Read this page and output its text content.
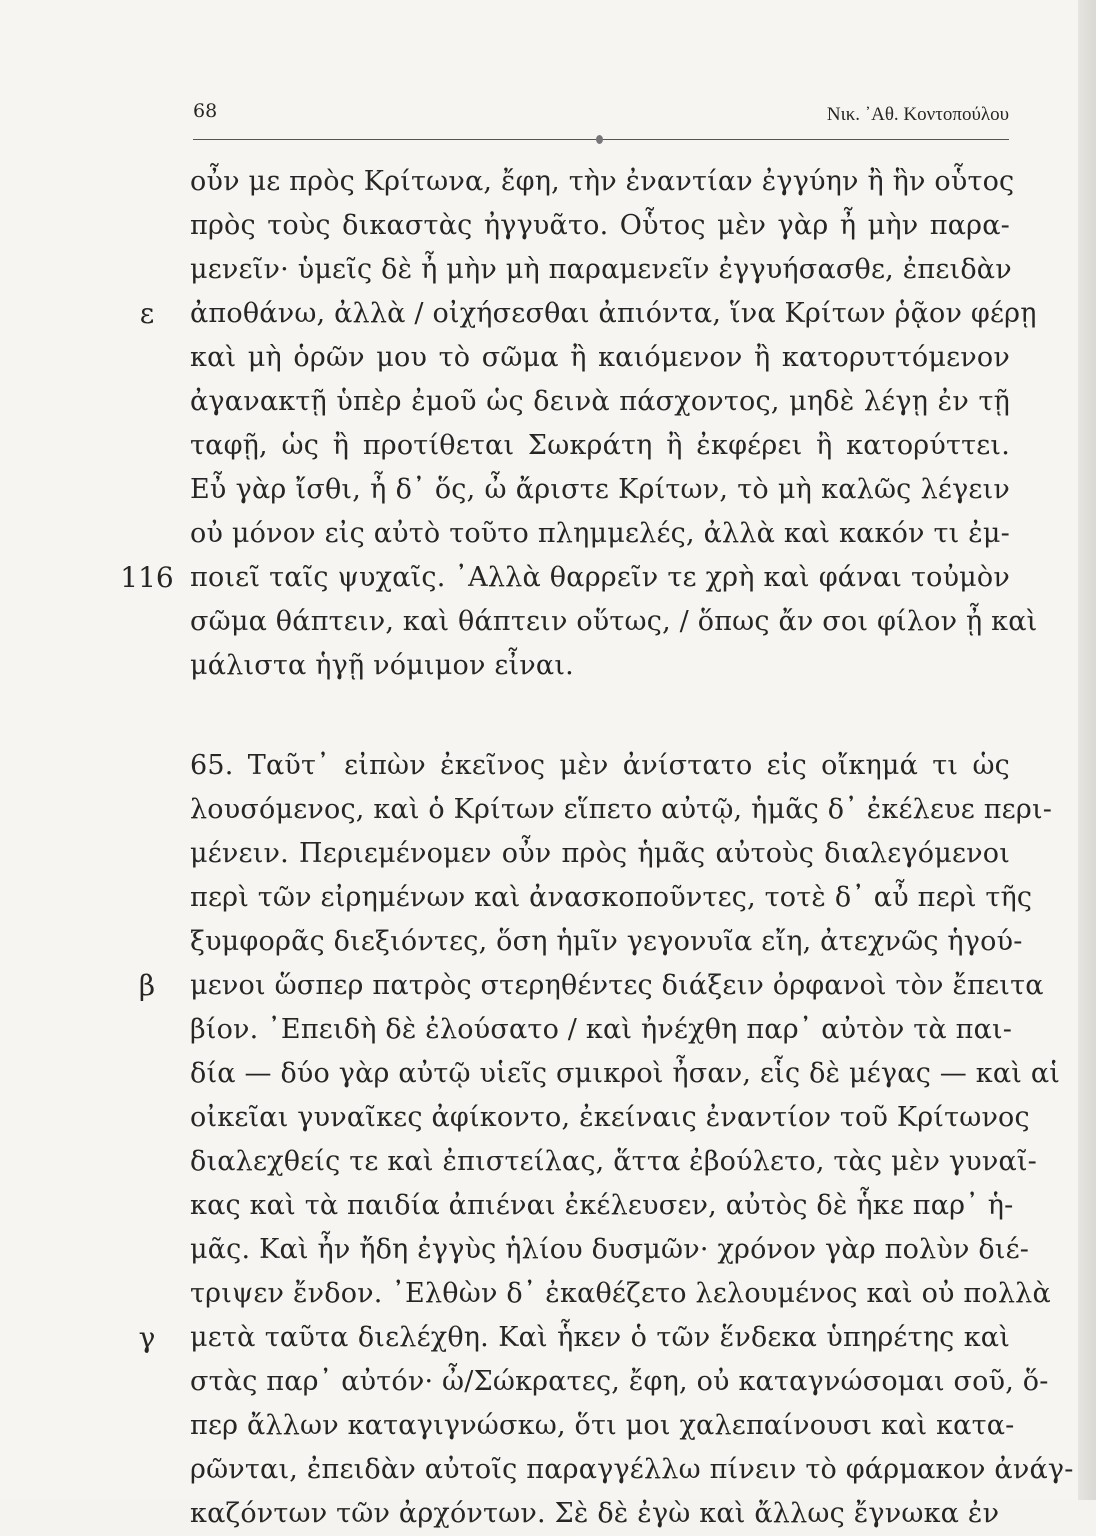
68	Νικ. ᾽Αθ. Κοντοπούλου
ε
116
β
γ
οὖν με πρὸς Κρίτωνα, ἔφη, τὴν ἐναντίαν ἐγγύην ἢ ἣν οὗτος
πρὸς τοὺς δικαστὰς ἠγγυᾶτο. Οὗτος μὲν γὰρ ἦ μὴν παρα-
μενεῖν· ὑμεῖς δὲ ἦ μὴν μὴ παραμενεῖν ἐγγυήσασθε, ἐπειδὰν
ἀποθάνω, ἀλλὰ / οἰχήσεσθαι ἀπιόντα, ἵνα Κρίτων ῥᾷον φέρῃ
καὶ μὴ ὁρῶν μου τὸ σῶμα ἢ καιόμενον ἢ κατορυττόμενον
ἀγανακτῇ ὑπὲρ ἐμοῦ ὡς δεινὰ πάσχοντος, μηδὲ λέγῃ ἐν τῇ
ταφῇ, ὡς ἢ προτίθεται Σωκράτη ἢ ἐκφέρει ἢ κατορύττει.
Εὖ γὰρ ἴσθι, ἦ δ᾽ ὅς, ὦ ἄριστε Κρίτων, τὸ μὴ καλῶς λέγειν
οὐ μόνον εἰς αὐτὸ τοῦτο πλημμελές, ἀλλὰ καὶ κακόν τι ἐμ-
ποιεῖ ταῖς ψυχαῖς. ᾽Αλλὰ θαρρεῖν τε χρὴ καὶ φάναι τοὐμὸν
σῶμα θάπτειν, καὶ θάπτειν οὕτως, / ὅπως ἄν σοι φίλον ᾖ καὶ
μάλιστα ἡγῇ νόμιμον εἶναι.
65. Ταῦτ᾽ εἰπὼν ἐκεῖνος μὲν ἀνίστατο εἰς οἴκημά τι ὡς
λουσόμενος, καὶ ὁ Κρίτων εἵπετο αὐτῷ, ἡμᾶς δ᾽ ἐκέλευε περι-
μένειν. Περιεμένομεν οὖν πρὸς ἡμᾶς αὐτοὺς διαλεγόμενοι
περὶ τῶν εἰρημένων καὶ ἀνασκοποῦντες, τοτὲ δ᾽ αὖ περὶ τῆς
ξυμφορᾶς διεξιόντες, ὅση ἡμῖν γεγονυῖα εἴη, ἀτεχνῶς ἡγού-
μενοι ὥσπερ πατρὸς στερηθέντες διάξειν ὀρφανοὶ τὸν ἔπειτα
βίον. ᾽Επειδὴ δὲ ἐλούσατο / καὶ ἠνέχθη παρ᾽ αὐτὸν τὰ παι-
δία — δύο γὰρ αὐτῷ υἱεῖς σμικροὶ ἦσαν, εἷς δὲ μέγας — καὶ αἱ
οἰκεῖαι γυναῖκες ἀφίκοντο, ἐκείναις ἐναντίον τοῦ Κρίτωνος
διαλεχθείς τε καὶ ἐπιστείλας, ἅττα ἐβούλετο, τὰς μὲν γυναῖ-
κας καὶ τὰ παιδία ἀπιέναι ἐκέλευσεν, αὐτὸς δὲ ἧκε παρ᾽ ἡ-
μᾶς. Καὶ ἦν ἤδη ἐγγὺς ἡλίου δυσμῶν· χρόνον γὰρ πολὺν διέ-
τριψεν ἔνδον. ᾽Ελθὼν δ᾽ ἐκαθέζετο λελουμένος καὶ οὐ πολλὰ
μετὰ ταῦτα διελέχθη. Καὶ ἧκεν ὁ τῶν ἕνδεκα ὑπηρέτης καὶ
στὰς παρ᾽ αὐτόν· ὦ/Σώκρατες, ἔφη, οὐ καταγνώσομαι σοῦ, ὅ-
περ ἄλλων καταγιγνώσκω, ὅτι μοι χαλεπαίνουσι καὶ κατα-
ρῶνται, ἐπειδὰν αὐτοῖς παραγγέλλω πίνειν τὸ φάρμακον ἀνάγ-
καζόντων τῶν ἀρχόντων. Σὲ δὲ ἐγὼ καὶ ἄλλως ἔγνωκα ἐν
